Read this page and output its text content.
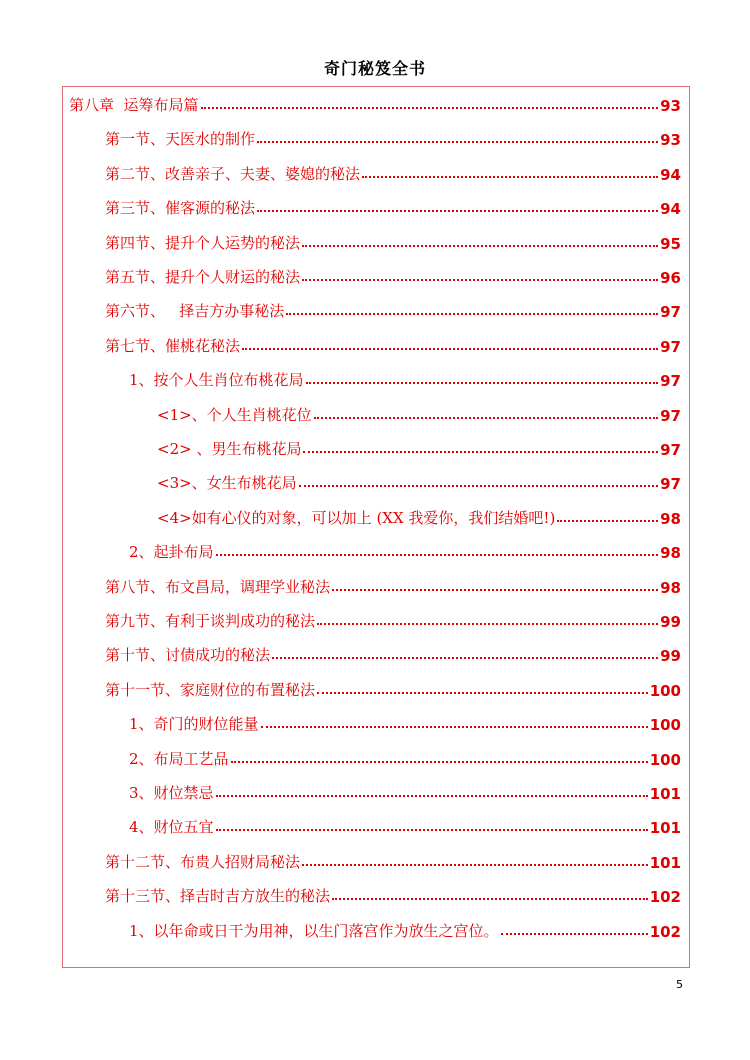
奇门秘笈全书
第八章  运筹布局篇	93
第一节、天医水的制作	93
第二节、改善亲子、夫妻、婆媳的秘法	94
第三节、催客源的秘法	94
第四节、提升个人运势的秘法	95
第五节、提升个人财运的秘法	96
第六节、   择吉方办事秘法	97
第七节、催桃花秘法	97
1、按个人生肖位布桃花局	97
<1>、个人生肖桃花位	97
<2> 、男生布桃花局	97
<3>、女生布桃花局	97
<4>如有心仪的对象，可以加上 (XX 我爱你，我们结婚吧!)	98
2、起卦布局	98
第八节、布文昌局，调理学业秘法	98
第九节、有利于谈判成功的秘法	99
第十节、讨债成功的秘法	99
第十一节、家庭财位的布置秘法	100
1、奇门的财位能量	100
2、布局工艺品	100
3、财位禁忌	101
4、财位五宜	101
第十二节、布贵人招财局秘法	101
第十三节、择吉时吉方放生的秘法	102
1、以年命或日干为用神，以生门落宫作为放生之宫位。	102
5
